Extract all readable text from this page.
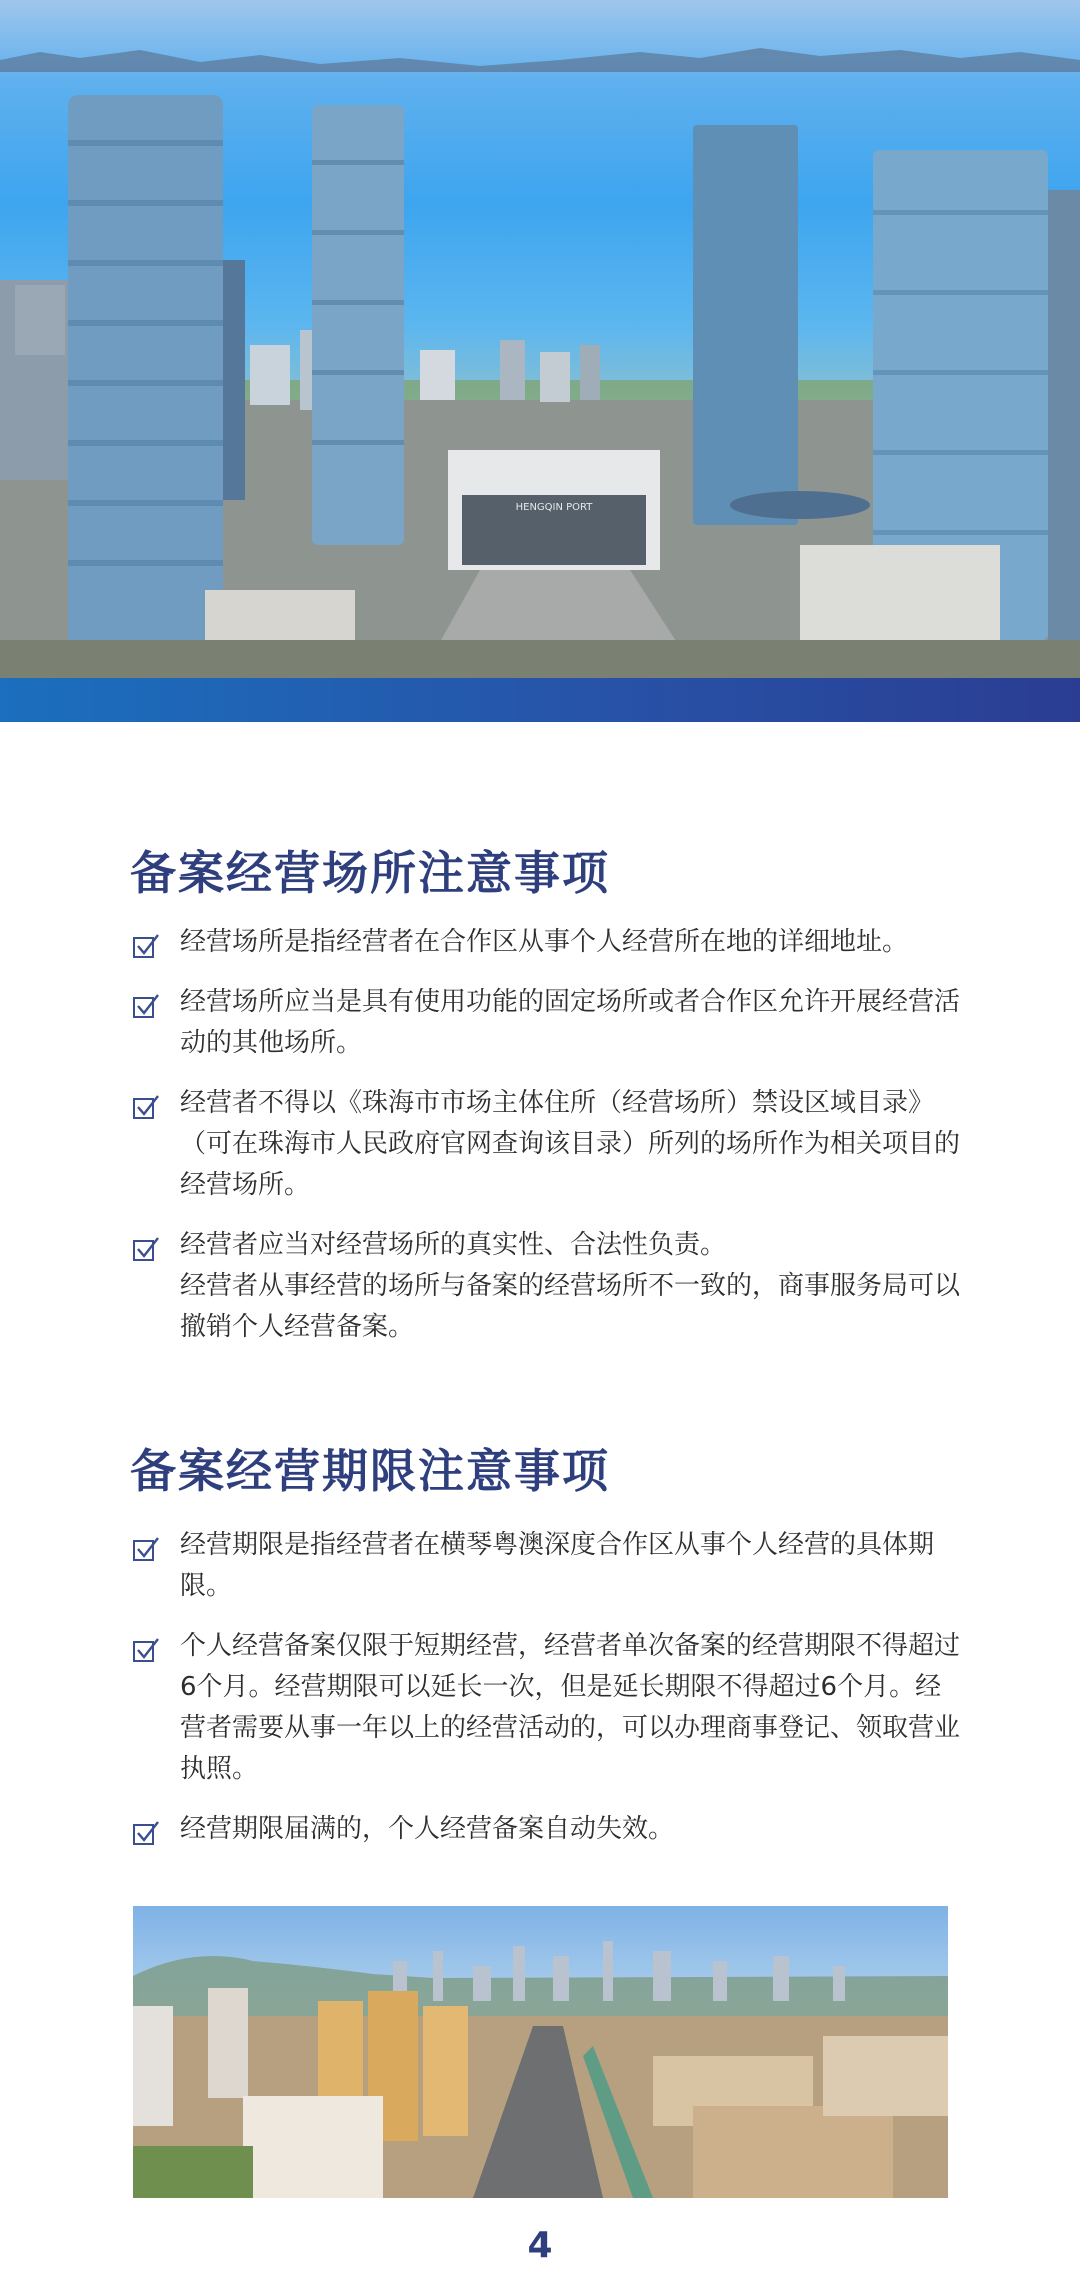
HENGQIN PORT
备案经营场所注意事项

经营场所是指经营者在合作区从事个人经营所在地的详细地址。

经营场所应当是具有使用功能的固定场所或者合作区允许开展经营活动的其他场所。

经营者不得以《珠海市市场主体住所（经营场所）禁设区域目录》（可在珠海市人民政府官网查询该目录）所列的场所作为相关项目的经营场所。

经营者应当对经营场所的真实性、合法性负责。

经营者从事经营的场所与备案的经营场所不一致的，商事服务局可以撤销个人经营备案。

备案经营期限注意事项

经营期限是指经营者在横琴粤澳深度合作区从事个人经营的具体期限。

个人经营备案仅限于短期经营，经营者单次备案的经营期限不得超过6个月。经营期限可以延长一次，但是延长期限不得超过6个月。经营者需要从事一年以上的经营活动的，可以办理商事登记、领取营业执照。

经营期限届满的，个人经营备案自动失效。

4
